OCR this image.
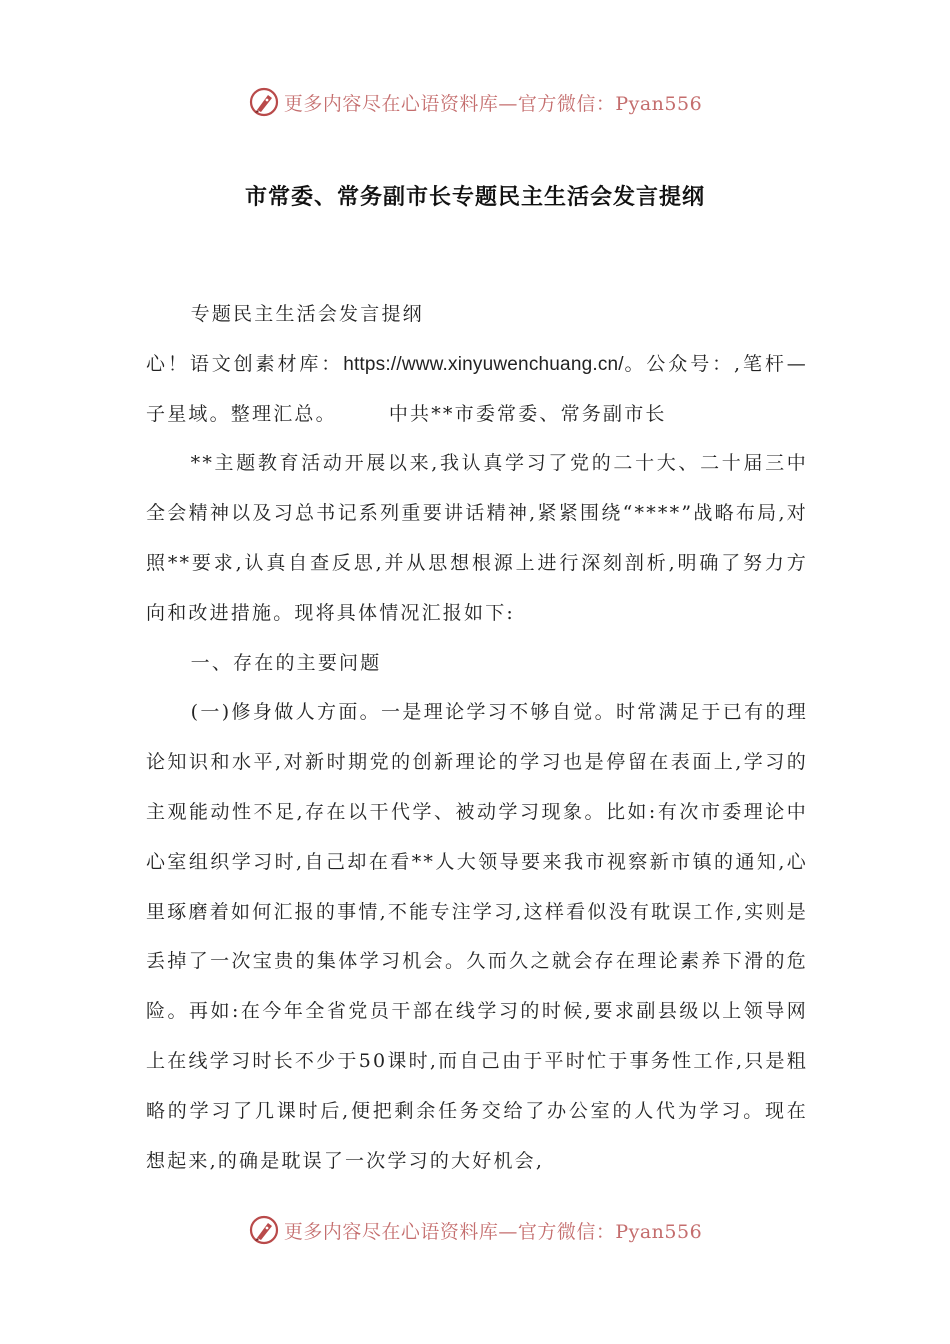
更多内容尽在心语资料库—官方微信：Pyan556
市常委、常务副市长专题民主生活会发言提纲

专题民主生活会发言提纲

心！语文创素材库：https://www.xinyuwenchuang.cn/。公众号：,笔杆—子星域。整理汇总。	中共**市委常委、常务副市长

**主题教育活动开展以来,我认真学习了党的二十大、二十届三中全会精神以及习总书记系列重要讲话精神,紧紧围绕“****”战略布局,对照**要求,认真自查反思,并从思想根源上进行深刻剖析,明确了努力方向和改进措施。现将具体情况汇报如下:

一、存在的主要问题

(一)修身做人方面。一是理论学习不够自觉。时常满足于已有的理论知识和水平,对新时期党的创新理论的学习也是停留在表面上,学习的主观能动性不足,存在以干代学、被动学习现象。比如:有次市委理论中心室组织学习时,自己却在看**人大领导要来我市视察新市镇的通知,心里琢磨着如何汇报的事情,不能专注学习,这样看似没有耽误工作,实则是丢掉了一次宝贵的集体学习机会。久而久之就会存在理论素养下滑的危险。再如:在今年全省党员干部在线学习的时候,要求副县级以上领导网上在线学习时长不少于50课时,而自己由于平时忙于事务性工作,只是粗略的学习了几课时后,便把剩余任务交给了办公室的人代为学习。现在想起来,的确是耽误了一次学习的大好机会,

更多内容尽在心语资料库—官方微信：Pyan556
